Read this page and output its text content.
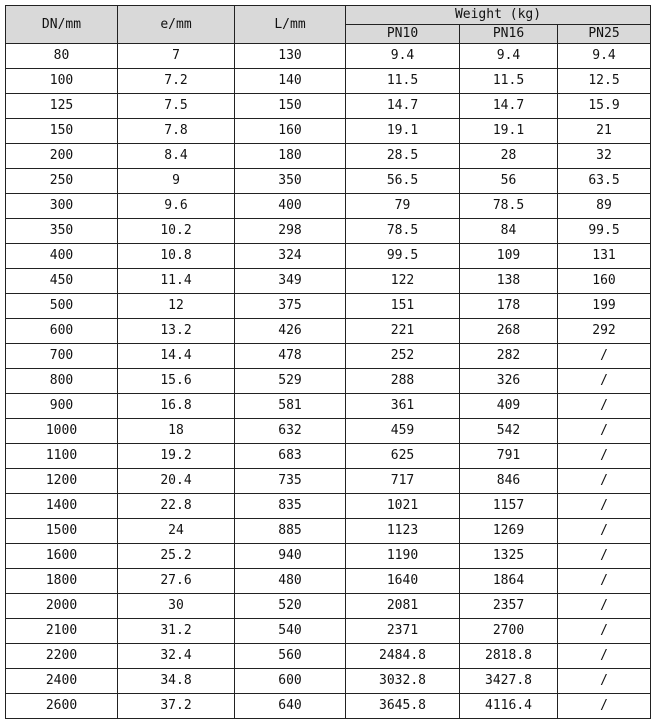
DN/mm	e/mm	L/mm	Weight (kg)		
			PN10	PN16	PN25
80	7	130	9.4	9.4	9.4
100	7.2	140	11.5	11.5	12.5
125	7.5	150	14.7	14.7	15.9
150	7.8	160	19.1	19.1	21
200	8.4	180	28.5	28	32
250	9	350	56.5	56	63.5
300	9.6	400	79	78.5	89
350	10.2	298	78.5	84	99.5
400	10.8	324	99.5	109	131
450	11.4	349	122	138	160
500	12	375	151	178	199
600	13.2	426	221	268	292
700	14.4	478	252	282	/
800	15.6	529	288	326	/
900	16.8	581	361	409	/
1000	18	632	459	542	/
1100	19.2	683	625	791	/
1200	20.4	735	717	846	/
1400	22.8	835	1021	1157	/
1500	24	885	1123	1269	/
1600	25.2	940	1190	1325	/
1800	27.6	480	1640	1864	/
2000	30	520	2081	2357	/
2100	31.2	540	2371	2700	/
2200	32.4	560	2484.8	2818.8	/
2400	34.8	600	3032.8	3427.8	/
2600	37.2	640	3645.8	4116.4	/
